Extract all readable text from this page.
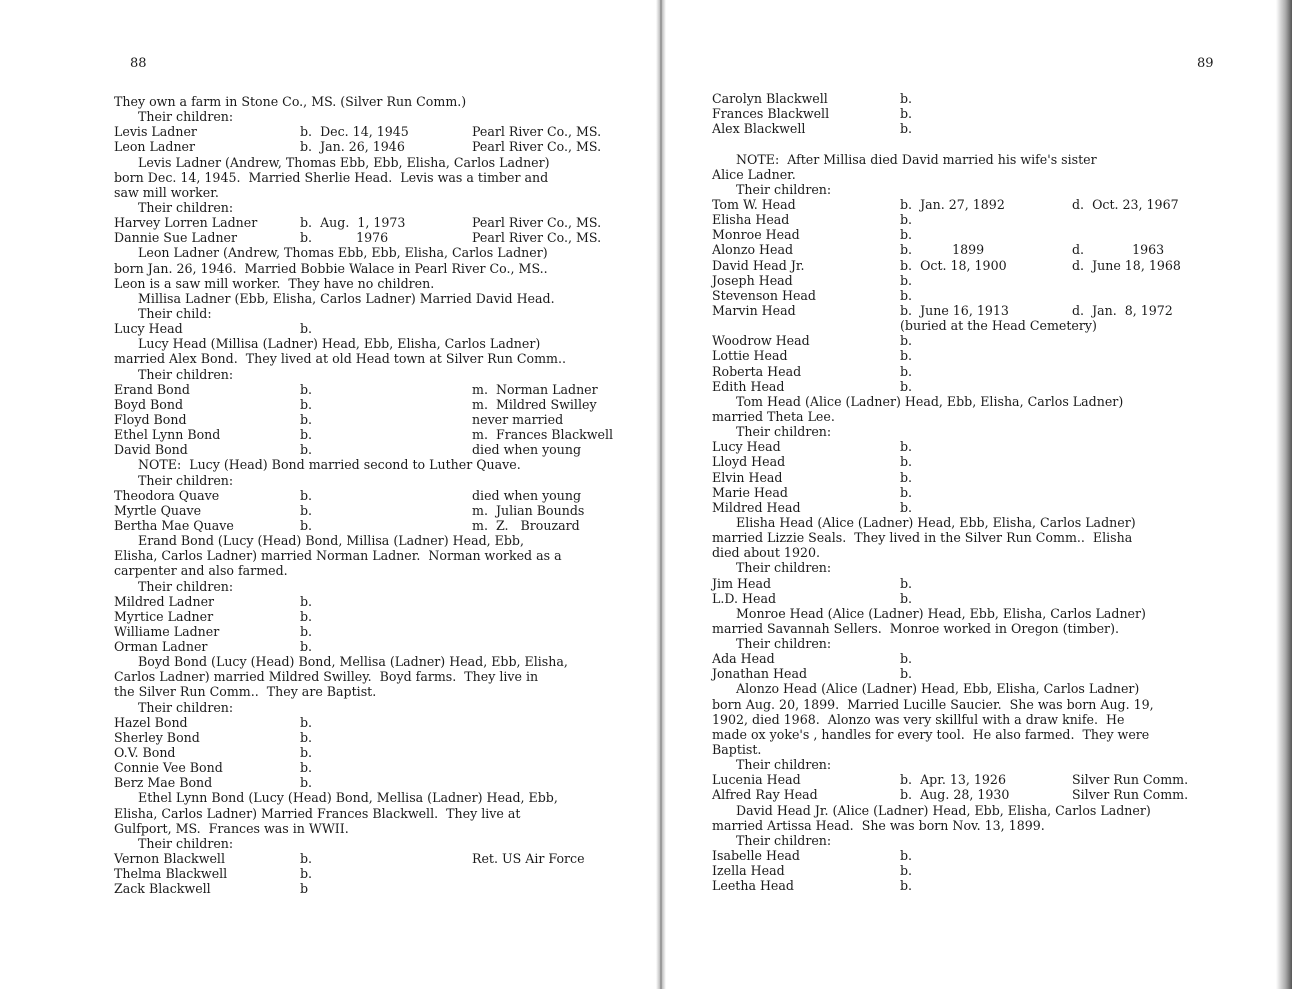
88	89
They own a farm in Stone Co., MS. (Silver Run Comm.)
Their children:
Levis Ladner	b.  Dec. 14, 1945	Pearl River Co., MS.
Leon Ladner	b.  Jan. 26, 1946	Pearl River Co., MS.
Levis Ladner (Andrew, Thomas Ebb, Ebb, Elisha, Carlos Ladner)
born Dec. 14, 1945.  Married Sherlie Head.  Levis was a timber and
saw mill worker.
Their children:
Harvey Lorren Ladner	b.  Aug.  1, 1973	Pearl River Co., MS.
Dannie Sue Ladner	b.           1976	Pearl River Co., MS.
Leon Ladner (Andrew, Thomas Ebb, Ebb, Elisha, Carlos Ladner)
born Jan. 26, 1946.  Married Bobbie Walace in Pearl River Co., MS..
Leon is a saw mill worker.  They have no children.
Millisa Ladner (Ebb, Elisha, Carlos Ladner) Married David Head.
Their child:
Lucy Head	b.
Lucy Head (Millisa (Ladner) Head, Ebb, Elisha, Carlos Ladner)
married Alex Bond.  They lived at old Head town at Silver Run Comm..
Their children:
Erand Bond	b.	m.  Norman Ladner
Boyd Bond	b.	m.  Mildred Swilley
Floyd Bond	b.	never married
Ethel Lynn Bond	b.	m.  Frances Blackwell
David Bond	b.	died when young
NOTE:  Lucy (Head) Bond married second to Luther Quave.
Their children:
Theodora Quave	b.	died when young
Myrtle Quave	b.	m.  Julian Bounds
Bertha Mae Quave	b.	m.  Z.   Brouzard
Erand Bond (Lucy (Head) Bond, Millisa (Ladner) Head, Ebb,
Elisha, Carlos Ladner) married Norman Ladner.  Norman worked as a
carpenter and also farmed.
Their children:
Mildred Ladner	b.
Myrtice Ladner	b.
Williame Ladner	b.
Orman Ladner	b.
Boyd Bond (Lucy (Head) Bond, Mellisa (Ladner) Head, Ebb, Elisha,
Carlos Ladner) married Mildred Swilley.  Boyd farms.  They live in
the Silver Run Comm..  They are Baptist.
Their children:
Hazel Bond	b.
Sherley Bond	b.
O.V. Bond	b.
Connie Vee Bond	b.
Berz Mae Bond	b.
Ethel Lynn Bond (Lucy (Head) Bond, Mellisa (Ladner) Head, Ebb,
Elisha, Carlos Ladner) Married Frances Blackwell.  They live at
Gulfport, MS.  Frances was in WWII.
Their children:
Vernon Blackwell	b.	Ret. US Air Force
Thelma Blackwell	b.
Zack Blackwell	b
Carolyn Blackwell	b.
Frances Blackwell	b.
Alex Blackwell	b.
NOTE:  After Millisa died David married his wife's sister
Alice Ladner.
Their children:
Tom W. Head	b.  Jan. 27, 1892	d.  Oct. 23, 1967
Elisha Head	b.
Monroe Head	b.
Alonzo Head	b.          1899	d.            1963
David Head Jr.	b.  Oct. 18, 1900	d.  June 18, 1968
Joseph Head	b.
Stevenson Head	b.
Marvin Head	b.  June 16, 1913	d.  Jan.  8, 1972
(buried at the Head Cemetery)
Woodrow Head	b.
Lottie Head	b.
Roberta Head	b.
Edith Head	b.
Tom Head (Alice (Ladner) Head, Ebb, Elisha, Carlos Ladner)
married Theta Lee.
Their children:
Lucy Head	b.
Lloyd Head	b.
Elvin Head	b.
Marie Head	b.
Mildred Head	b.
Elisha Head (Alice (Ladner) Head, Ebb, Elisha, Carlos Ladner)
married Lizzie Seals.  They lived in the Silver Run Comm..  Elisha
died about 1920.
Their children:
Jim Head	b.
L.D. Head	b.
Monroe Head (Alice (Ladner) Head, Ebb, Elisha, Carlos Ladner)
married Savannah Sellers.  Monroe worked in Oregon (timber).
Their children:
Ada Head	b.
Jonathan Head	b.
Alonzo Head (Alice (Ladner) Head, Ebb, Elisha, Carlos Ladner)
born Aug. 20, 1899.  Married Lucille Saucier.  She was born Aug. 19,
1902, died 1968.  Alonzo was very skillful with a draw knife.  He
made ox yoke's , handles for every tool.  He also farmed.  They were
Baptist.
Their children:
Lucenia Head	b.  Apr. 13, 1926	Silver Run Comm.
Alfred Ray Head	b.  Aug. 28, 1930	Silver Run Comm.
David Head Jr. (Alice (Ladner) Head, Ebb, Elisha, Carlos Ladner)
married Artissa Head.  She was born Nov. 13, 1899.
Their children:
Isabelle Head	b.
Izella Head	b.
Leetha Head	b.
